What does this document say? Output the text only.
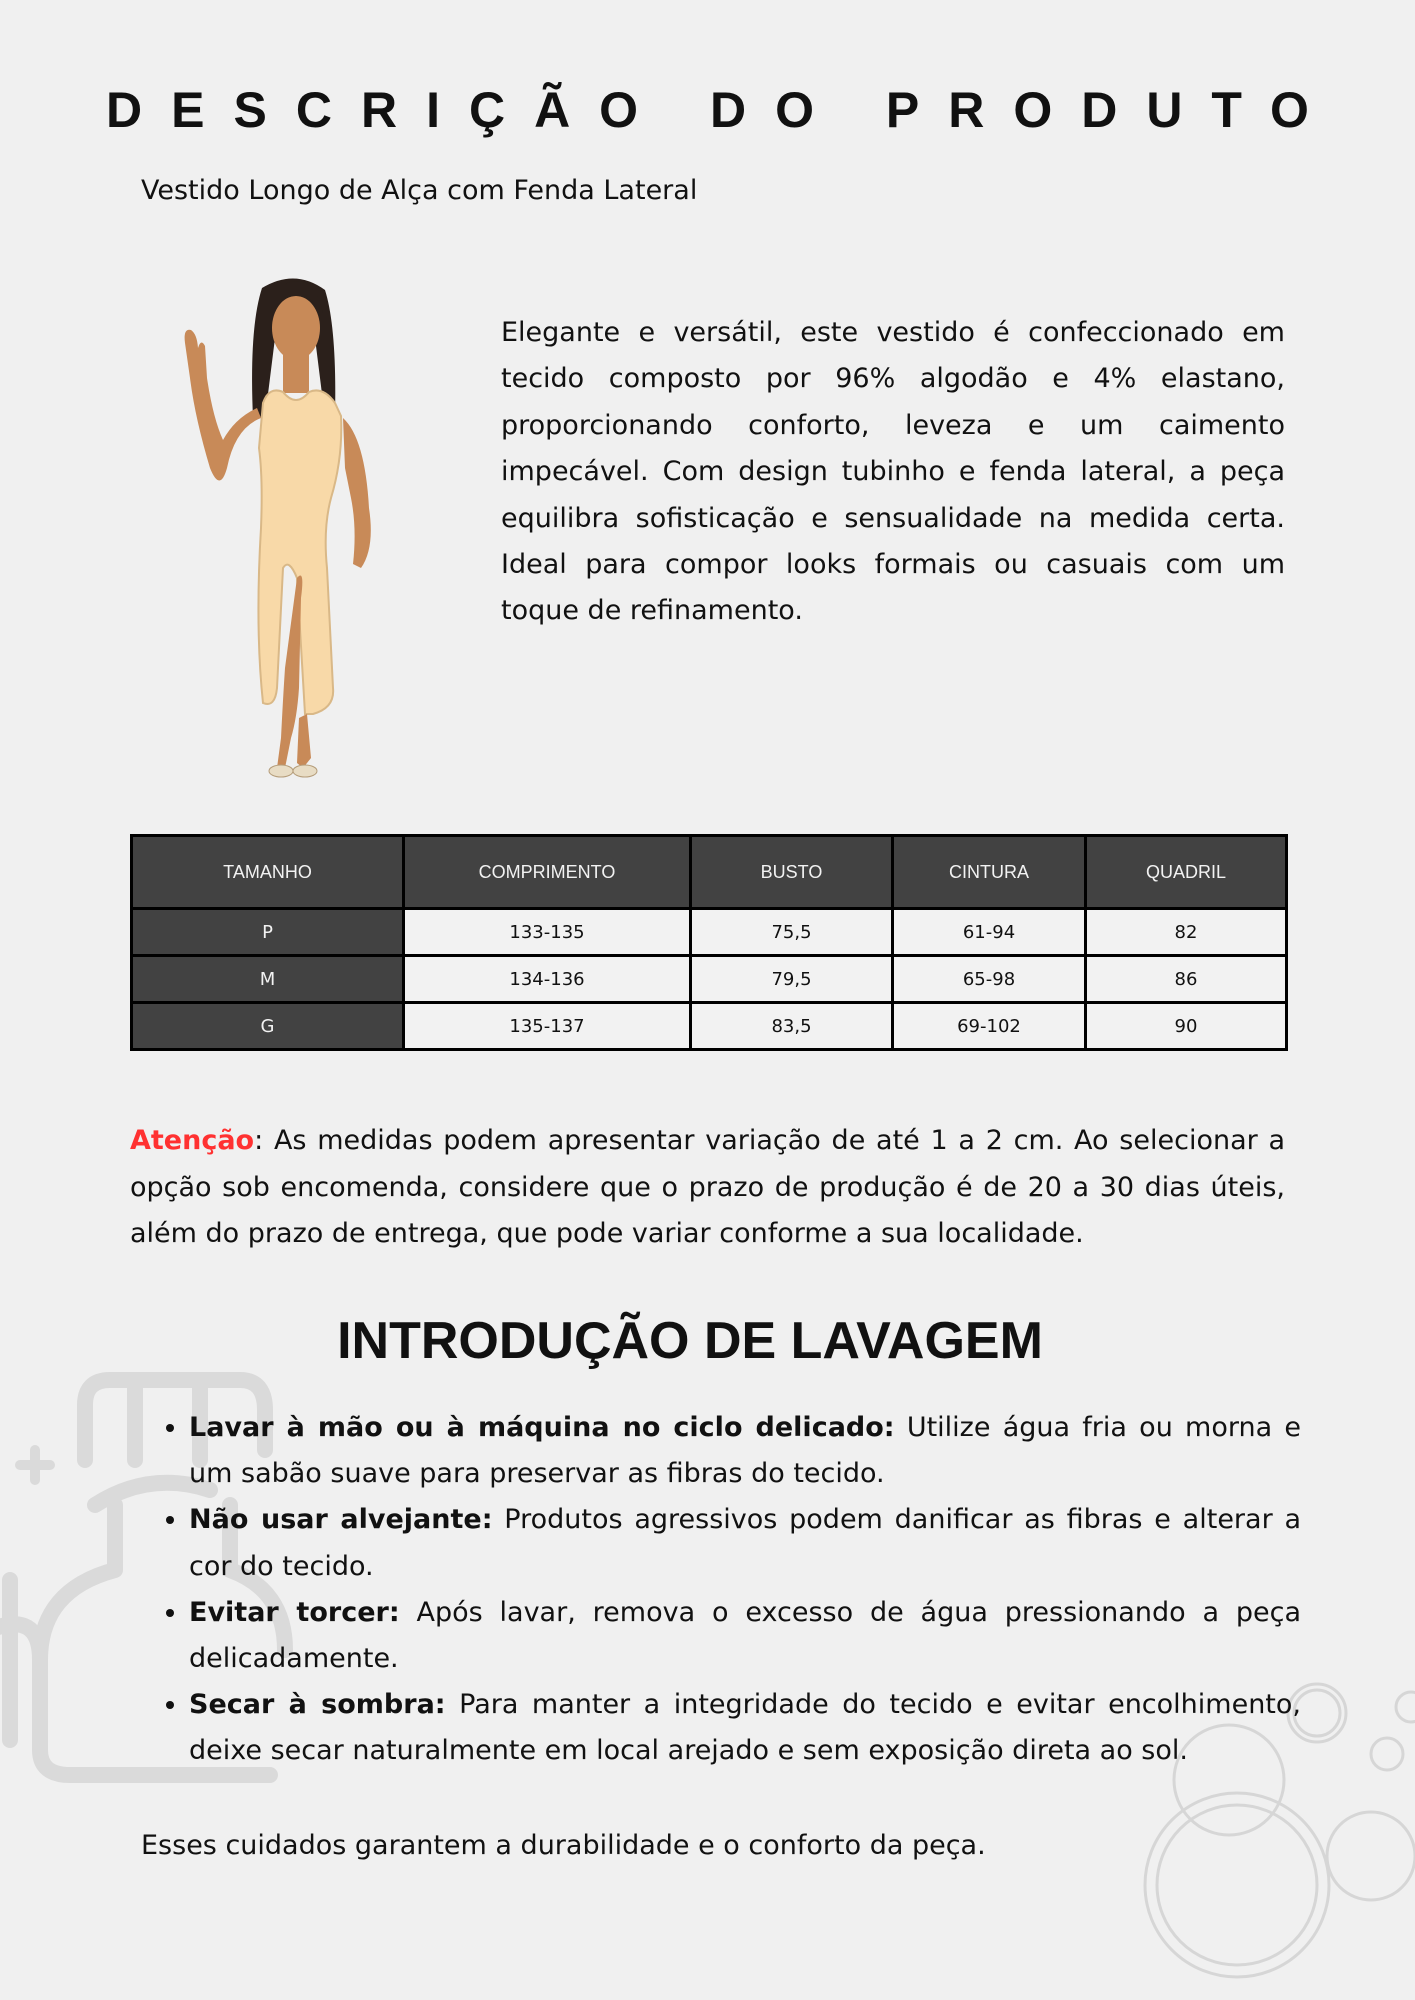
DESCRIÇÃO DO PRODUTO
Vestido Longo de Alça com Fenda Lateral
Elegante e versátil, este vestido é confeccionado em tecido composto por 96% algodão e 4% elastano, proporcionando conforto, leveza e um caimento impecável. Com design tubinho e fenda lateral, a peça equilibra sofisticação e sensualidade na medida certa. Ideal para compor looks formais ou casuais com um toque de refinamento.
TAMANHO	COMPRIMENTO	BUSTO	CINTURA	QUADRIL
P	133-135	75,5	61-94	82
M	134-136	79,5	65-98	86
G	135-137	83,5	69-102	90

Atenção: As medidas podem apresentar variação de até 1 a 2 cm. Ao selecionar a opção sob encomenda, considere que o prazo de produção é de 20 a 30 dias úteis, além do prazo de entrega, que pode variar conforme a sua localidade.

INTRODUÇÃO DE LAVAGEM
• Lavar à mão ou à máquina no ciclo delicado: Utilize água fria ou morna e um sabão suave para preservar as fibras do tecido.
• Não usar alvejante: Produtos agressivos podem danificar as fibras e alterar a cor do tecido.
• Evitar torcer: Após lavar, remova o excesso de água pressionando a peça delicadamente.
• Secar à sombra: Para manter a integridade do tecido e evitar encolhimento, deixe secar naturalmente em local arejado e sem exposição direta ao sol.
Esses cuidados garantem a durabilidade e o conforto da peça.
